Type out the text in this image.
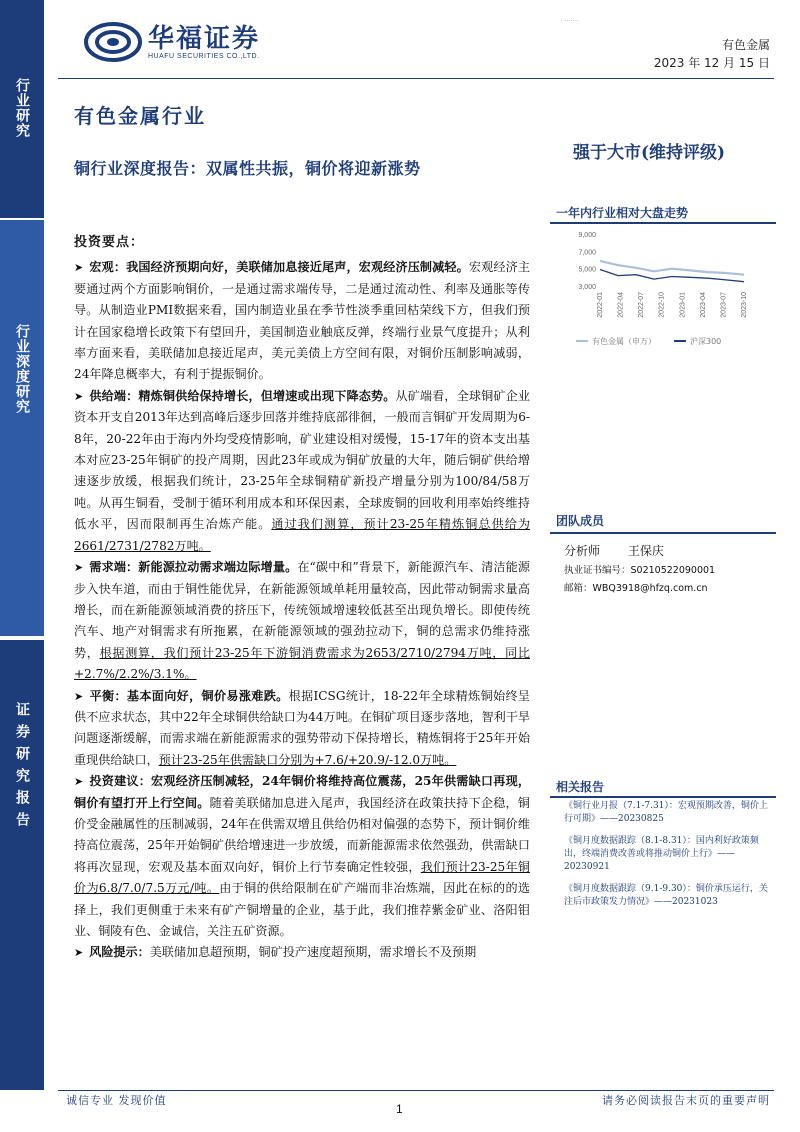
行业研究
行业深度研究
证券研究报告
华福证券
HUAFU SECURITIES CO.,LTD.
· ·······
有色金属
2023 年 12 月 15 日
有色金属行业
铜行业深度报告：双属性共振，铜价将迎新涨势
强于大市(维持评级)
投资要点：

➤ 宏观：我国经济预期向好，美联储加息接近尾声，宏观经济压制减轻。宏观经济主要通过两个方面影响铜价，一是通过需求端传导，二是通过流动性、利率及通胀等传导。从制造业PMI数据来看，国内制造业虽在季节性淡季重回枯荣线下方，但我们预计在国家稳增长政策下有望回升，美国制造业触底反弹，终端行业景气度提升；从利率方面来看，美联储加息接近尾声，美元美债上方空间有限，对铜价压制影响减弱，24年降息概率大，有利于提振铜价。

➤ 供给端：精炼铜供给保持增长，但增速或出现下降态势。从矿端看，全球铜矿企业资本开支自2013年达到高峰后逐步回落并维持底部徘徊，一般而言铜矿开发周期为6-8年，20-22年由于海内外均受疫情影响，矿业建设相对缓慢，15-17年的资本支出基本对应23-25年铜矿的投产周期，因此23年或成为铜矿放量的大年，随后铜矿供给增速逐步放缓，根据我们统计，23-25年全球铜精矿新投产增量分别为100/84/58万吨。从再生铜看，受制于循环利用成本和环保因素，全球废铜的回收利用率始终维持低水平，因而限制再生冶炼产能。通过我们测算，预计23-25年精炼铜总供给为2661/2731/2782万吨。

➤ 需求端：新能源拉动需求端边际增量。在“碳中和”背景下，新能源汽车、清洁能源步入快车道，而由于铜性能优异，在新能源领域单耗用量较高，因此带动铜需求量高增长，而在新能源领域消费的挤压下，传统领域增速较低甚至出现负增长。即使传统汽车、地产对铜需求有所拖累，在新能源领域的强劲拉动下，铜的总需求仍维持涨势，根据测算，我们预计23-25年下游铜消费需求为2653/2710/2794万吨，同比+2.7%/2.2%/3.1%。

➤ 平衡：基本面向好，铜价易涨难跌。根据ICSG统计，18-22年全球精炼铜始终呈供不应求状态，其中22年全球铜供给缺口为44万吨。在铜矿项目逐步落地，智利干旱问题逐渐缓解，而需求端在新能源需求的强势带动下保持增长，精炼铜将于25年开始重现供给缺口，预计23-25年供需缺口分别为+7.6/+20.9/-12.0万吨。

➤ 投资建议：宏观经济压制减轻，24年铜价将维持高位震荡，25年供需缺口再现，铜价有望打开上行空间。随着美联储加息进入尾声，我国经济在政策扶持下企稳，铜价受金融属性的压制减弱，24年在供需双增且供给仍相对偏强的态势下，预计铜价维持高位震荡，25年开始铜矿供给增速进一步放缓，而新能源需求依然强劲，供需缺口将再次显现，宏观及基本面双向好，铜价上行节奏确定性较强，我们预计23-25年铜价为6.8/7.0/7.5万元/吨。由于铜的供给限制在矿产端而非冶炼端，因此在标的的选择上，我们更侧重于未来有矿产铜增量的企业，基于此，我们推荐紫金矿业、洛阳钼业、铜陵有色、金诚信，关注五矿资源。

➤ 风险提示：美联储加息超预期，铜矿投产速度超预期，需求增长不及预期

一年内行业相对大盘走势
9,000
7,000
5,000
3,000
2022-01 2022-04 2022-07 2022-10 2023-01 2023-04 2023-07 2023-10
有色金属（申万）	沪深300
团队成员
分析师 王保庆
执业证书编号：S0210522090001
邮箱：WBQ3918@hfzq.com.cn
相关报告
《铜行业月报（7.1-7.31）：宏观预期改善，铜价上行可期》——20230825
《铜月度数据跟踪（8.1-8.31）：国内利好政策频出，终端消费改善或将推动铜价上行》——20230921
《铜月度数据跟踪（9.1-9.30）：铜价承压运行，关注后市政策发力情况》——20231023
诚信专业 发现价值	请务必阅读报告末页的重要声明
1
